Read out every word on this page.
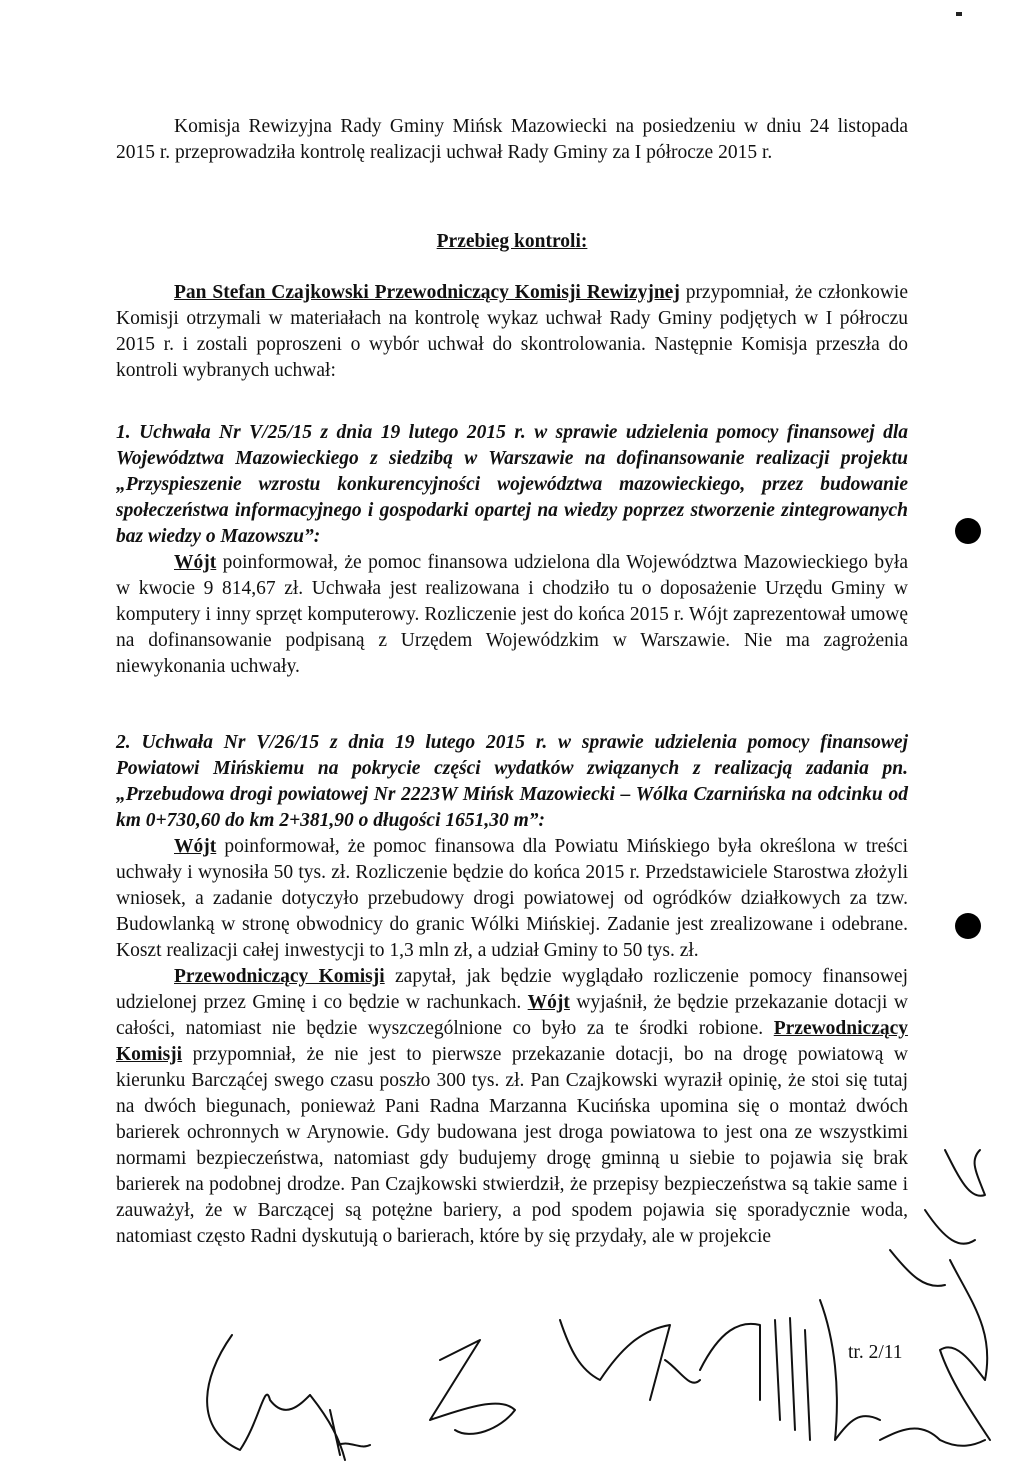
Komisja Rewizyjna Rady Gminy Mińsk Mazowiecki na posiedzeniu w dniu 24 listopada 2015 r. przeprowadziła kontrolę realizacji uchwał Rady Gminy za I półrocze 2015 r.

Przebieg kontroli:

Pan Stefan Czajkowski Przewodniczący Komisji Rewizyjnej przypomniał, że członkowie Komisji otrzymali w materiałach na kontrolę wykaz uchwał Rady Gminy podjętych w I półroczu 2015 r. i zostali poproszeni o wybór uchwał do skontrolowania. Następnie Komisja przeszła do kontroli wybranych uchwał:

1. Uchwała Nr V/25/15 z dnia 19 lutego 2015 r. w sprawie udzielenia pomocy finansowej dla Województwa Mazowieckiego z siedzibą w Warszawie na dofinansowanie realizacji projektu „Przyspieszenie wzrostu konkurencyjności województwa mazowieckiego, przez budowanie społeczeństwa informacyjnego i gospodarki opartej na wiedzy poprzez stworzenie zintegrowanych baz wiedzy o Mazowszu”:

Wójt poinformował, że pomoc finansowa udzielona dla Województwa Mazowieckiego była w kwocie 9 814,67 zł. Uchwała jest realizowana i chodziło tu o doposażenie Urzędu Gminy w komputery i inny sprzęt komputerowy. Rozliczenie jest do końca 2015 r. Wójt zaprezentował umowę na dofinansowanie podpisaną z Urzędem Wojewódzkim w Warszawie. Nie ma zagrożenia niewykonania uchwały.

2. Uchwała Nr V/26/15 z dnia 19 lutego 2015 r. w sprawie udzielenia pomocy finansowej Powiatowi Mińskiemu na pokrycie części wydatków związanych z realizacją zadania pn. „Przebudowa drogi powiatowej Nr 2223W Mińsk Mazowiecki – Wólka Czarnińska na odcinku od km 0+730,60 do km 2+381,90 o długości 1651,30 m”:

Wójt poinformował, że pomoc finansowa dla Powiatu Mińskiego była określona w treści uchwały i wynosiła 50 tys. zł. Rozliczenie będzie do końca 2015 r. Przedstawiciele Starostwa złożyli wniosek, a zadanie dotyczyło przebudowy drogi powiatowej od ogródków działkowych za tzw. Budowlanką w stronę obwodnicy do granic Wólki Mińskiej. Zadanie jest zrealizowane i odebrane. Koszt realizacji całej inwestycji to 1,3 mln zł, a udział Gminy to 50 tys. zł.

Przewodniczący Komisji zapytał, jak będzie wyglądało rozliczenie pomocy finansowej udzielonej przez Gminę i co będzie w rachunkach. Wójt wyjaśnił, że będzie przekazanie dotacji w całości, natomiast nie będzie wyszczególnione co było za te środki robione. Przewodniczący Komisji przypomniał, że nie jest to pierwsze przekazanie dotacji, bo na drogę powiatową w kierunku Barcząćej swego czasu poszło 300 tys. zł. Pan Czajkowski wyraził opinię, że stoi się tutaj na dwóch biegunach, ponieważ Pani Radna Marzanna Kucińska upomina się o montaż dwóch barierek ochronnych w Arynowie. Gdy budowana jest droga powiatowa to jest ona ze wszystkimi normami bezpieczeństwa, natomiast gdy budujemy drogę gminną u siebie to pojawia się brak barierek na podobnej drodze. Pan Czajkowski stwierdził, że przepisy bezpieczeństwa są takie same i zauważył, że w Barczącej są potężne bariery, a pod spodem pojawia się sporadycznie woda, natomiast często Radni dyskutują o barierach, które by się przydały, ale w projekcie

tr. 2/11
